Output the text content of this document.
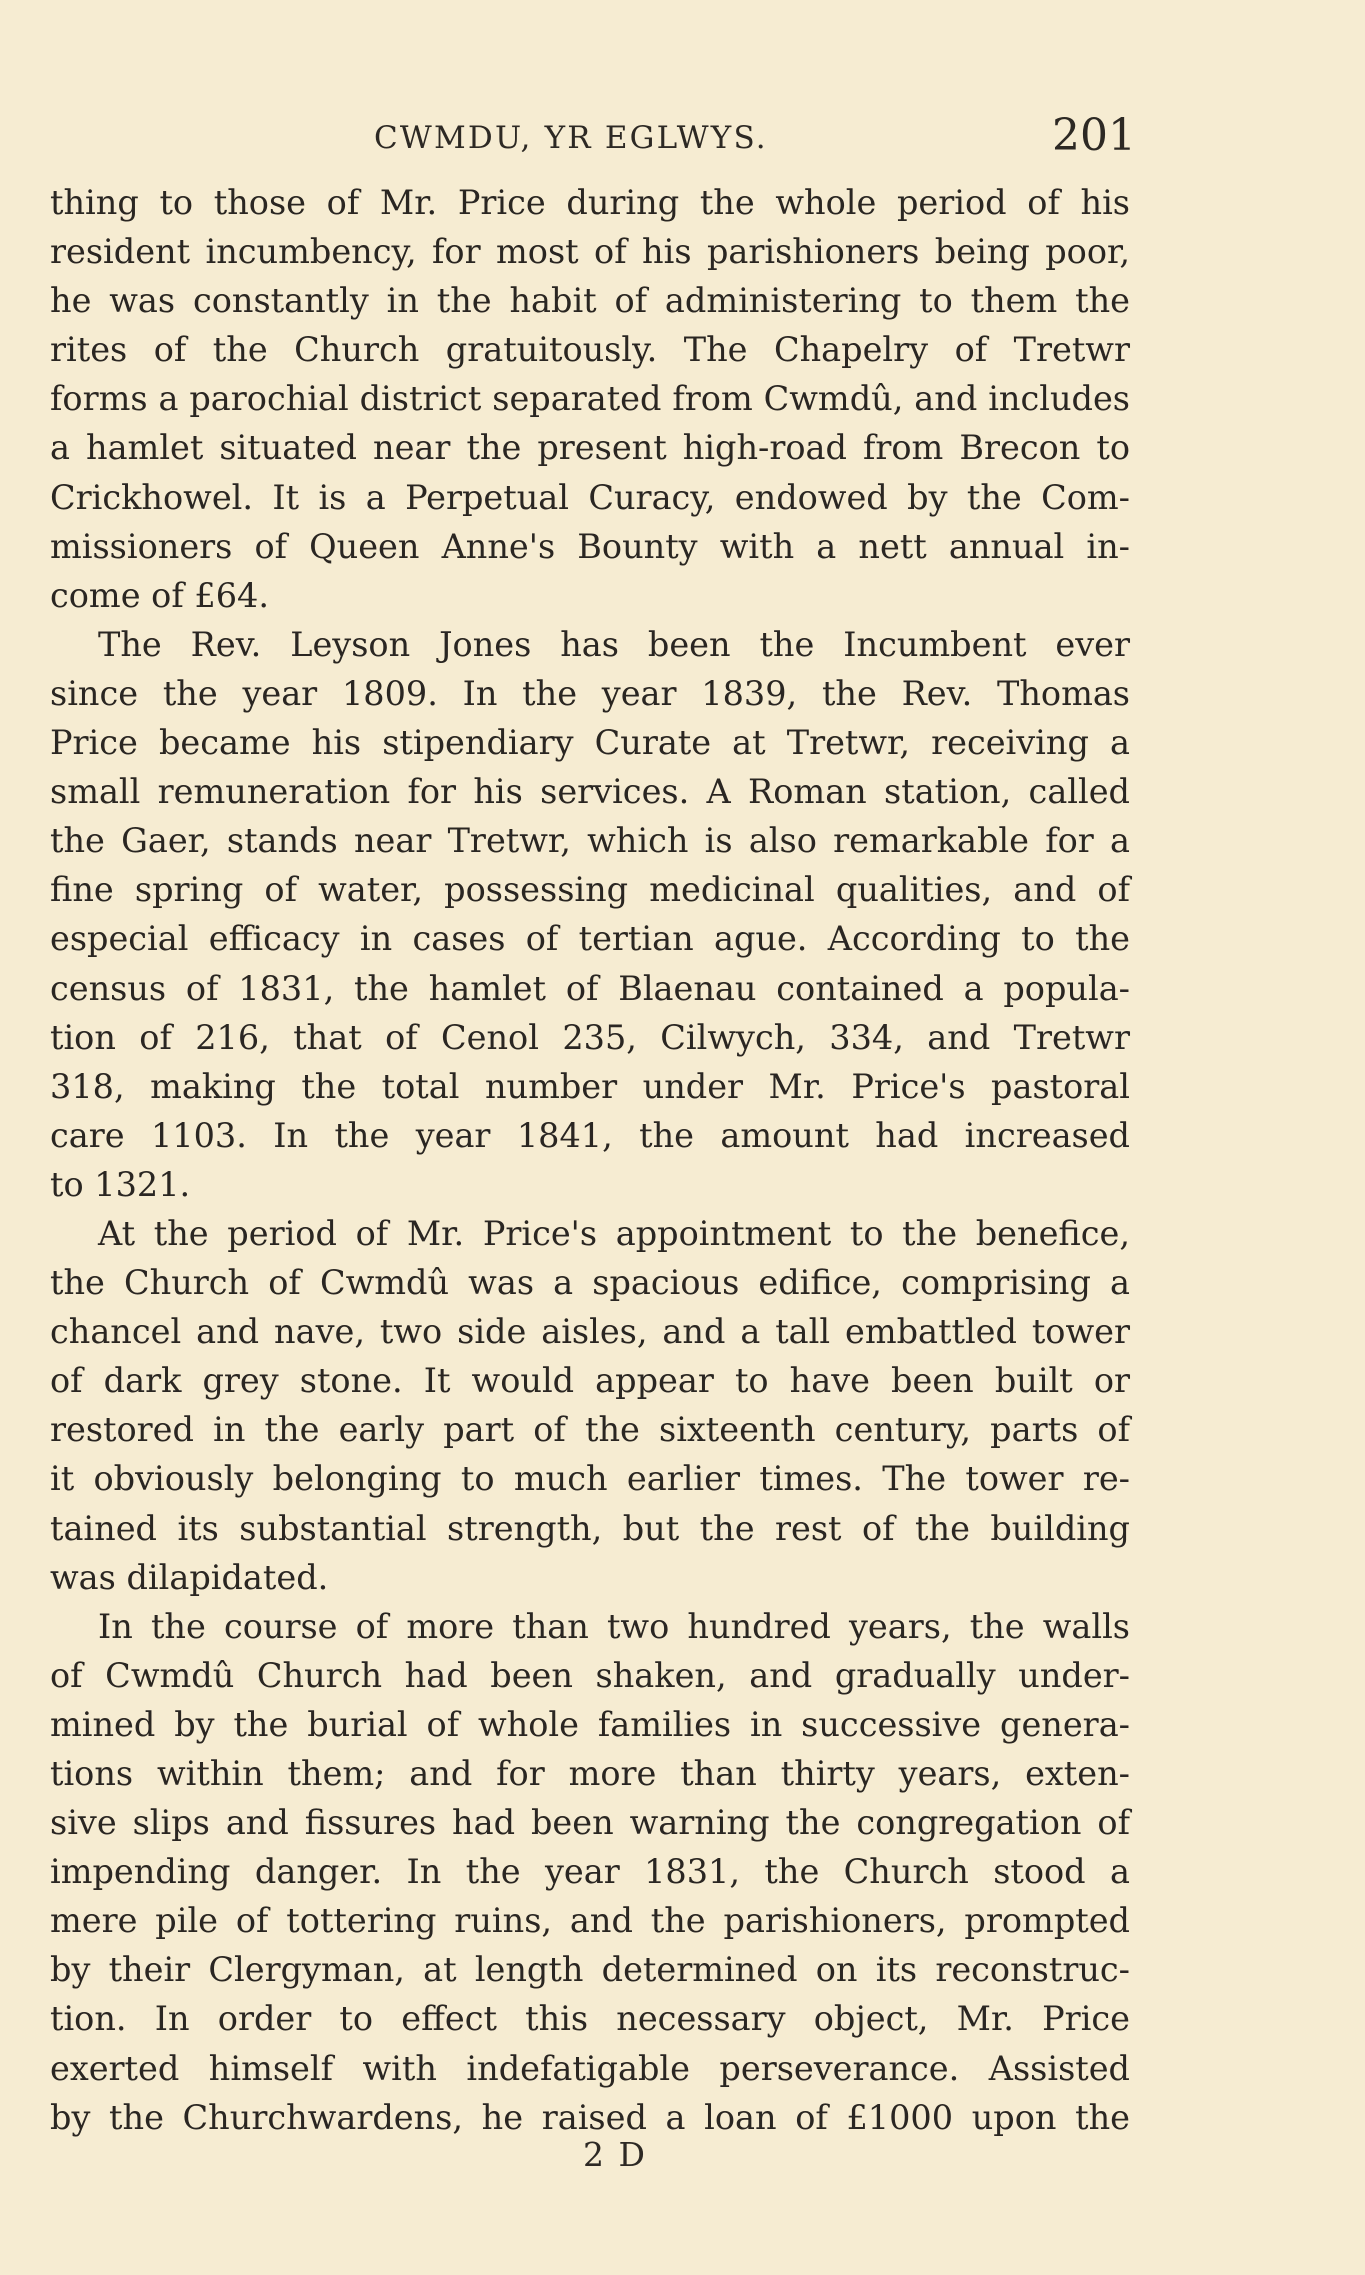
CWMDU, YR EGLWYS.	201
thing to those of Mr. Price during the whole period of his
resident incumbency, for most of his parishioners being poor,
he was constantly in the habit of administering to them the
rites of the Church gratuitously. The Chapelry of Tretwr
forms a parochial district separated from Cwmdû, and includes
a hamlet situated near the present high-road from Brecon to
Crickhowel. It is a Perpetual Curacy, endowed by the Com-
missioners of Queen Anne's Bounty with a nett annual in-
come of £64.
The Rev. Leyson Jones has been the Incumbent ever
since the year 1809. In the year 1839, the Rev. Thomas
Price became his stipendiary Curate at Tretwr, receiving a
small remuneration for his services. A Roman station, called
the Gaer, stands near Tretwr, which is also remarkable for a
fine spring of water, possessing medicinal qualities, and of
especial efficacy in cases of tertian ague. According to the
census of 1831, the hamlet of Blaenau contained a popula-
tion of 216, that of Cenol 235, Cilwych, 334, and Tretwr
318, making the total number under Mr. Price's pastoral
care 1103. In the year 1841, the amount had increased
to 1321.
At the period of Mr. Price's appointment to the benefice,
the Church of Cwmdû was a spacious edifice, comprising a
chancel and nave, two side aisles, and a tall embattled tower
of dark grey stone. It would appear to have been built or
restored in the early part of the sixteenth century, parts of
it obviously belonging to much earlier times. The tower re-
tained its substantial strength, but the rest of the building
was dilapidated.
In the course of more than two hundred years, the walls
of Cwmdû Church had been shaken, and gradually under-
mined by the burial of whole families in successive genera-
tions within them; and for more than thirty years, exten-
sive slips and fissures had been warning the congregation of
impending danger. In the year 1831, the Church stood a
mere pile of tottering ruins, and the parishioners, prompted
by their Clergyman, at length determined on its reconstruc-
tion. In order to effect this necessary object, Mr. Price
exerted himself with indefatigable perseverance. Assisted
by the Churchwardens, he raised a loan of £1000 upon the
2 D
